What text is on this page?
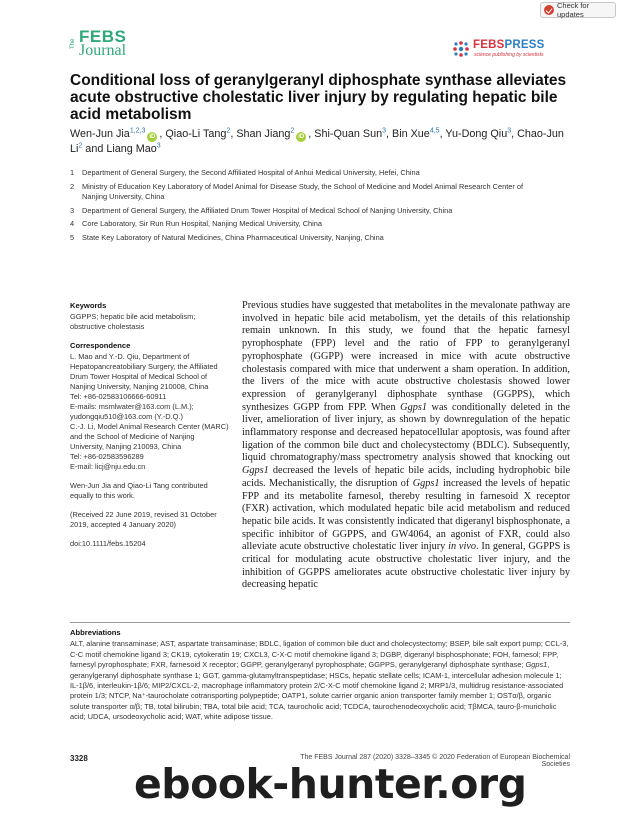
Check for updates
The FEBS
Journal	FEBSPRESS
science publishing by scientists
Conditional loss of geranylgeranyl diphosphate synthase alleviates acute obstructive cholestatic liver injury by regulating hepatic bile acid metabolism
Wen-Jun Jia$^{1,2,3}$iD , Qiao-Li Tang$^2$, Shan Jiang$^2$iD , Shi-Quan Sun$^3$, Bin Xue$^{4,5}$, Yu-Dong Qiu$^3$, Chao-Jun Li$^2$ and Liang Mao$^3$
1	Department of General Surgery, the Second Affiliated Hospital of Anhui Medical University, Hefei, China
2	Ministry of Education Key Laboratory of Model Animal for Disease Study, the School of Medicine and Model Animal Research Center of Nanjing University, China
3	Department of General Surgery, the Affiliated Drum Tower Hospital of Medical School of Nanjing University, China
4	Core Laboratory, Sir Run Run Hospital, Nanjing Medical University, China
5	State Key Laboratory of Natural Medicines, China Pharmaceutical University, Nanjing, China
Keywords
GGPPS; hepatic bile acid metabolism; obstructive cholestasis
Correspondence
L. Mao and Y.-D. Qiu, Department of Hepatopancreatobiliary Surgery, the Affiliated Drum Tower Hospital of Medical School of Nanjing University, Nanjing 210008, China
Tel: +86-02583106666-60911
E-mails: msmlwater@163.com (L.M.); yudongqiu510@163.com (Y.-D.Q.)
C.-J. Li, Model Animal Research Center (MARC) and the School of Medicine of Nanjing University, Nanjing 210093, China
Tel: +86-02583596289
E-mail: licj@nju.edu.cn
Wen-Jun Jia and Qiao-Li Tang contributed equally to this work.
(Received 22 June 2019, revised 31 October 2019, accepted 4 January 2020)
doi:10.1111/febs.15204
Previous studies have suggested that metabolites in the mevalonate pathway are involved in hepatic bile acid metabolism, yet the details of this relationship remain unknown. In this study, we found that the hepatic farnesyl pyrophosphate (FPP) level and the ratio of FPP to geranylgeranyl pyrophosphate (GGPP) were increased in mice with acute obstructive cholestasis compared with mice that underwent a sham operation. In addition, the livers of the mice with acute obstructive cholestasis showed lower expression of geranylgeranyl diphosphate synthase (GGPPS), which synthesizes GGPP from FPP. When Ggps1 was conditionally deleted in the liver, amelioration of liver injury, as shown by downregulation of the hepatic inflammatory response and decreased hepatocellular apoptosis, was found after ligation of the common bile duct and cholecystectomy (BDLC). Subsequently, liquid chromatography/mass spectrometry analysis showed that knocking out Ggps1 decreased the levels of hepatic bile acids, including hydrophobic bile acids. Mechanistically, the disruption of Ggps1 increased the levels of hepatic FPP and its metabolite farnesol, thereby resulting in farnesoid X receptor (FXR) activation, which modulated hepatic bile acid metabolism and reduced hepatic bile acids. It was consistently indicated that digeranyl bisphosphonate, a specific inhibitor of GGPPS, and GW4064, an agonist of FXR, could also alleviate acute obstructive cholestatic liver injury in vivo. In general, GGPPS is critical for modulating acute obstructive cholestatic liver injury, and the inhibition of GGPPS ameliorates acute obstructive cholestatic liver injury by decreasing hepatic
Abbreviations
ALT, alanine transaminase; AST, aspartate transaminase; BDLC, ligation of common bile duct and cholecystectomy; BSEP, bile salt export pump; CCL-3, C-C motif chemokine ligand 3; CK19, cytokeratin 19; CXCL3, C-X-C motif chemokine ligand 3; DGBP, digeranyl bisphosphonate; FOH, farnesol; FPP, farnesyl pyrophosphate; FXR, farnesoid X receptor; GGPP, geranylgeranyl pyrophosphate; GGPPS, geranylgeranyl diphosphate synthase; Ggps1, geranylgeranyl diphosphate synthase 1; GGT, gamma-glutamyltranspeptidase; HSCs, hepatic stellate cells; ICAM-1, intercellular adhesion molecule 1; IL-1β/6, interleukin-1β/6; MIP2/CXCL-2, macrophage inflammatory protein 2/C-X-C motif chemokine ligand 2; MRP1/3, multidrug resistance-associated protein 1/3; NTCP, Na⁺-taurocholate cotransporting polypeptide; OATP1, solute carrier organic anion transporter family member 1; OSTα/β, organic solute transporter α/β; TB, total bilirubin; TBA, total bile acid; TCA, taurocholic acid; TCDCA, taurochenodeoxycholic acid; TβMCA, tauro-β-muricholic acid; UDCA, ursodeoxycholic acid; WAT, white adipose tissue.
3328	The FEBS Journal 287 (2020) 3328–3345 © 2020 Federation of European Biochemical Societies
ebook-hunter.org
